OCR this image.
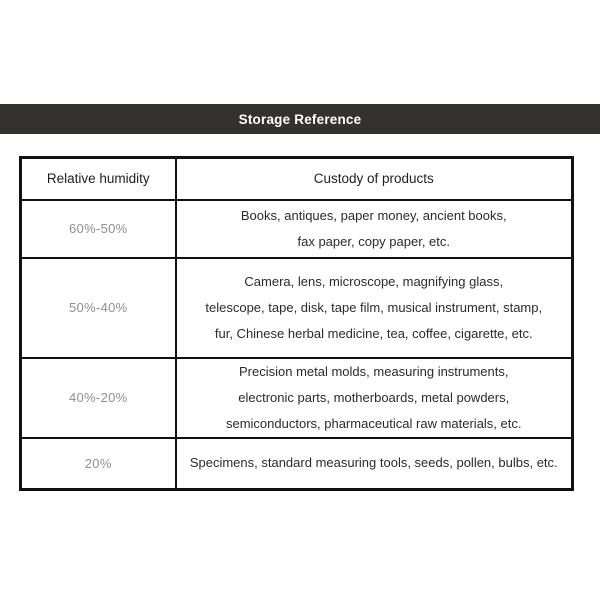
Storage Reference
Relative humidity	Custody of products
60%-50%	Books, antiques, paper money, ancient books,
fax paper, copy paper, etc.

50%-40%	Camera, lens, microscope, magnifying glass,
telescope, tape, disk, tape film, musical instrument, stamp,
fur, Chinese herbal medicine, tea, coffee, cigarette, etc.

40%-20%	Precision metal molds, measuring instruments,
electronic parts, motherboards, metal powders,
semiconductors, pharmaceutical raw materials, etc.

20%	Specimens, standard measuring tools, seeds, pollen, bulbs, etc.
